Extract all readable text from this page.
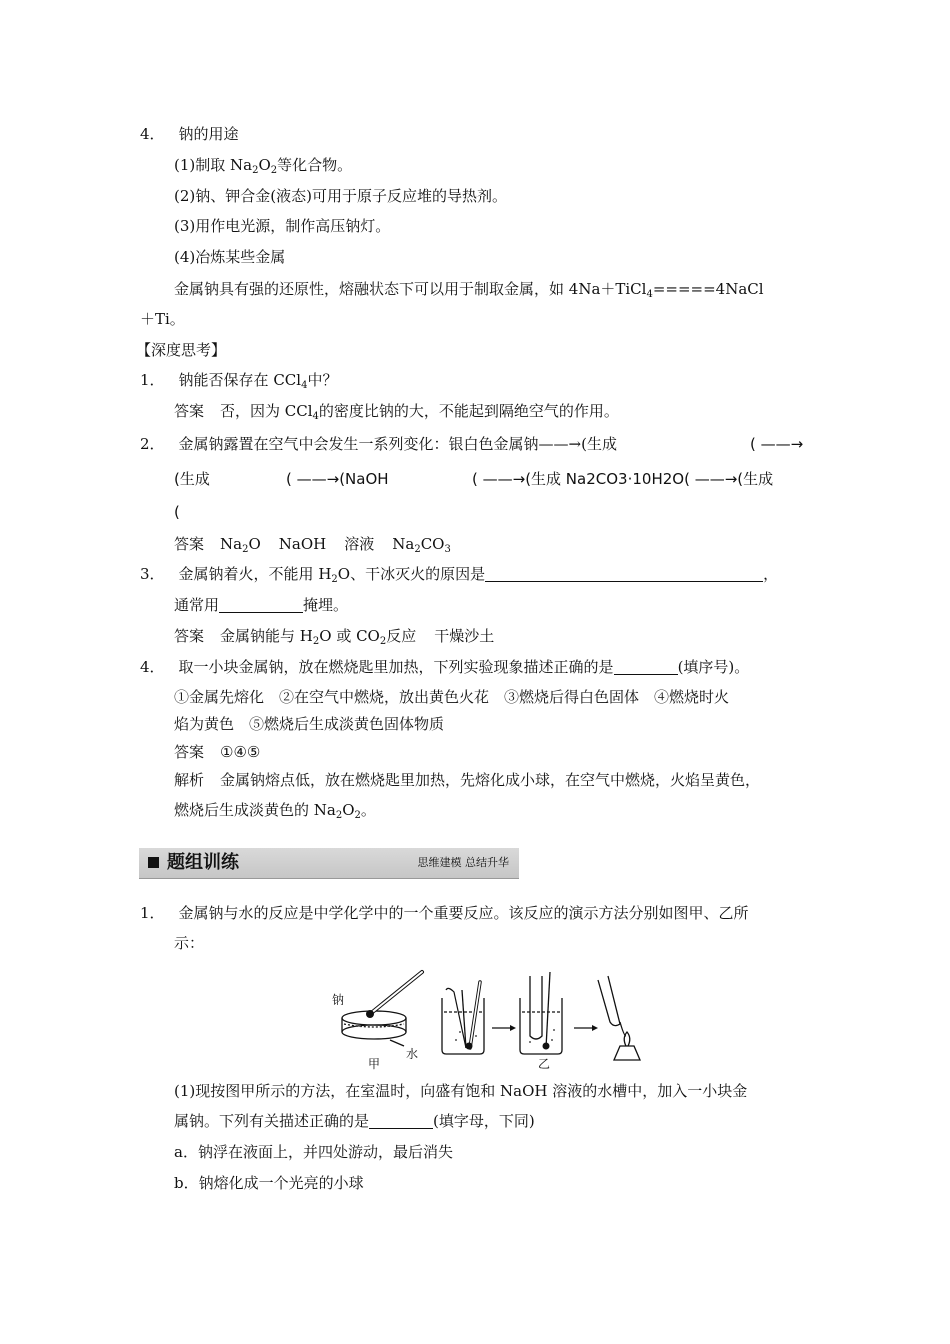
4． 钠的用途
(1)制取 $Na_2O_2$等化合物。
(2)钠、钾合金(液态)可用于原子反应堆的导热剂。
(3)用作电光源，制作高压钠灯。
(4)冶炼某些金属
金属钠具有强的还原性，熔融状态下可以用于制取金属，如 4Na＋TiCl$_4$=====4NaCl
＋Ti。
【深度思考】
1． 钠能否保存在 CCl$_4$中？
答案 否，因为 CCl$_4$的密度比钠的大，不能起到隔绝空气的作用。
2． 金属钠露置在空气中会发生一系列变化：银白色金属钠——→(生成	( ——→
(生成	( ——→(NaOH	( ——→(生成 Na2CO3·10H2O( ——→(生成
(
答案 $Na_2O$ NaOH 溶液 $Na_2CO_3$
3． 金属钠着火，不能用 $H_2O$、干冰灭火的原因是	，
通常用	掩埋。
答案 金属钠能与 $H_2O$ 或 $CO_2$反应 干燥沙土
4． 取一小块金属钠，放在燃烧匙里加热，下列实验现象描述正确的是	(填序号)。
①金属先熔化　②在空气中燃烧，放出黄色火花　③燃烧后得白色固体　④燃烧时火
焰为黄色　⑤燃烧后生成淡黄色固体物质
答案 ①④⑤
解析 金属钠熔点低，放在燃烧匙里加热，先熔化成小球，在空气中燃烧，火焰呈黄色，
燃烧后生成淡黄色的 $Na_2O_2$。
题组训练	思维建模 总结升华
1． 金属钠与水的反应是中学化学中的一个重要反应。该反应的演示方法分别如图甲、乙所
示：
钠
水
甲	乙
(1)现按图甲所示的方法，在室温时，向盛有饱和 NaOH 溶液的水槽中，加入一小块金
属钠。下列有关描述正确的是	(填字母，下同)
a．钠浮在液面上，并四处游动，最后消失
b．钠熔化成一个光亮的小球
